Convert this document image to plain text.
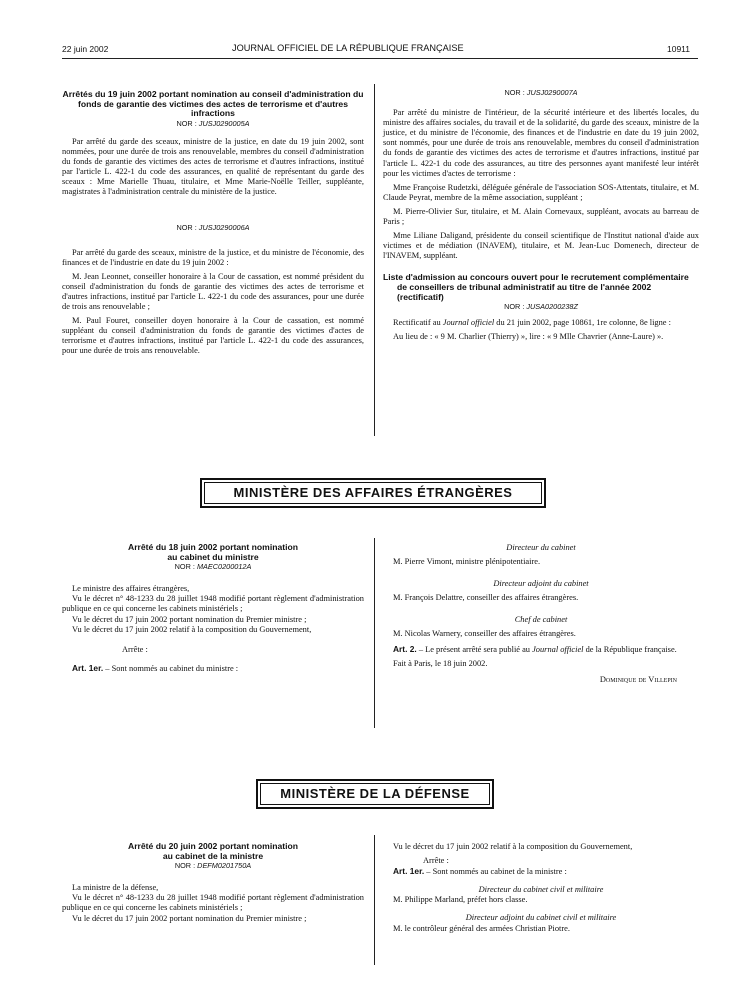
22 juin 2002	JOURNAL OFFICIEL DE LA RÉPUBLIQUE FRANÇAISE	10911

Arrêtés du 19 juin 2002 portant nomination au conseil d'administration du fonds de garantie des victimes des actes de terrorisme et d'autres infractions

NOR : JUSJ0290005A

Par arrêté du garde des sceaux, ministre de la justice, en date du 19 juin 2002, sont nommées, pour une durée de trois ans renouvelable, membres du conseil d'administration du fonds de garantie des victimes des actes de terrorisme et d'autres infractions, institué par l'article L. 422-1 du code des assurances, en qualité de représentant du garde des sceaux : Mme Marielle Thuau, titulaire, et Mme Marie-Noëlle Teiller, suppléante, magistrates à l'administration centrale du ministère de la justice.

NOR : JUSJ0290006A

Par arrêté du garde des sceaux, ministre de la justice, et du ministre de l'économie, des finances et de l'industrie en date du 19 juin 2002 :

M. Jean Leonnet, conseiller honoraire à la Cour de cassation, est nommé président du conseil d'administration du fonds de garantie des victimes des actes de terrorisme et d'autres infractions, institué par l'article L. 422-1 du code des assurances, pour une durée de trois ans renouvelable ;

M. Paul Fouret, conseiller doyen honoraire à la Cour de cassation, est nommé suppléant du conseil d'administration du fonds de garantie des victimes d'actes de terrorisme et d'autres infractions, institué par l'article L. 422-1 du code des assurances, pour une durée de trois ans renouvelable.

NOR : JUSJ0290007A

Par arrêté du ministre de l'intérieur, de la sécurité intérieure et des libertés locales, du ministre des affaires sociales, du travail et de la solidarité, du garde des sceaux, ministre de la justice, et du ministre de l'économie, des finances et de l'industrie en date du 19 juin 2002, sont nommés, pour une durée de trois ans renouvelable, membres du conseil d'administration du fonds de garantie des victimes des actes de terrorisme et d'autres infractions, institué par l'article L. 422-1 du code des assurances, au titre des personnes ayant manifesté leur intérêt pour les victimes d'actes de terrorisme :

Mme Françoise Rudetzki, déléguée générale de l'association SOS-Attentats, titulaire, et M. Claude Peyrat, membre de la même association, suppléant ;

M. Pierre-Olivier Sur, titulaire, et M. Alain Cornevaux, suppléant, avocats au barreau de Paris ;

Mme Liliane Daligand, présidente du conseil scientifique de l'Institut national d'aide aux victimes et de médiation (INAVEM), titulaire, et M. Jean-Luc Domenech, directeur de l'INAVEM, suppléant.

Liste d'admission au concours ouvert pour le recrutement complémentaire de conseillers de tribunal administratif au titre de l'année 2002 (rectificatif)

NOR : JUSA0200238Z

Rectificatif au Journal officiel du 21 juin 2002, page 10861, 1re colonne, 8e ligne :

Au lieu de : « 9 M. Charlier (Thierry) », lire : « 9 Mlle Chavrier (Anne-Laure) ».

MINISTÈRE DES AFFAIRES ÉTRANGÈRES

Arrêté du 18 juin 2002 portant nomination au cabinet du ministre

NOR : MAEC0200012A

Le ministre des affaires étrangères,

Vu le décret n° 48-1233 du 28 juillet 1948 modifié portant règlement d'administration publique en ce qui concerne les cabinets ministériels ;

Vu le décret du 17 juin 2002 portant nomination du Premier ministre ;

Vu le décret du 17 juin 2002 relatif à la composition du Gouvernement,

Arrête :

Art. 1er. – Sont nommés au cabinet du ministre :

Directeur du cabinet

M. Pierre Vimont, ministre plénipotentiaire.

Directeur adjoint du cabinet

M. François Delattre, conseiller des affaires étrangères.

Chef de cabinet

M. Nicolas Warnery, conseiller des affaires étrangères.

Art. 2. – Le présent arrêté sera publié au Journal officiel de la République française.

Fait à Paris, le 18 juin 2002.

Dominique de Villepin

MINISTÈRE DE LA DÉFENSE

Arrêté du 20 juin 2002 portant nomination au cabinet de la ministre

NOR : DEFM0201750A

La ministre de la défense,

Vu le décret n° 48-1233 du 28 juillet 1948 modifié portant règlement d'administration publique en ce qui concerne les cabinets ministériels ;

Vu le décret du 17 juin 2002 portant nomination du Premier ministre ;

Vu le décret du 17 juin 2002 relatif à la composition du Gouvernement,

Arrête :

Art. 1er. – Sont nommés au cabinet de la ministre :

Directeur du cabinet civil et militaire

M. Philippe Marland, préfet hors classe.

Directeur adjoint du cabinet civil et militaire

M. le contrôleur général des armées Christian Piotre.
